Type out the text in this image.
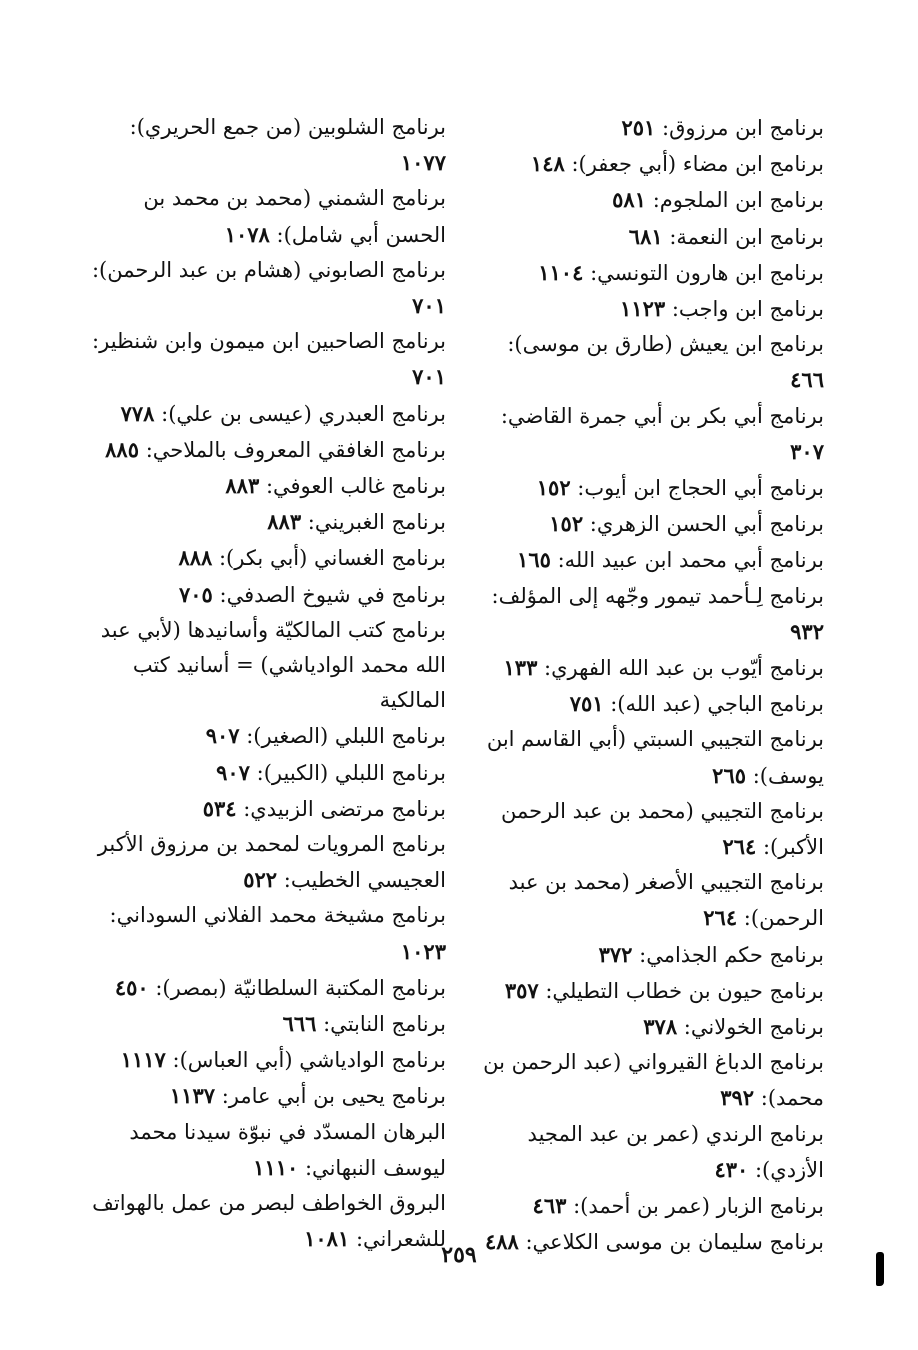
برنامج ابن مرزوق: ٢٥١
برنامج ابن مضاء (أبي جعفر): ١٤٨
برنامج ابن الملجوم: ٥٨١
برنامج ابن النعمة: ٦٨١
برنامج ابن هارون التونسي: ١١٠٤
برنامج ابن واجب: ١١٢٣
برنامج ابن يعيش (طارق بن موسى): ٤٦٦
برنامج أبي بكر بن أبي جمرة القاضي: ٣٠٧
برنامج أبي الحجاج ابن أيوب: ١٥٢
برنامج أبي الحسن الزهري: ١٥٢
برنامج أبي محمد ابن عبيد الله: ١٦٥
برنامج لِـأحمد تيمور وجّهه إلى المؤلف: ٩٣٢
برنامج أيّوب بن عبد الله الفهري: ١٣٣
برنامج الباجي (عبد الله): ٧٥١
برنامج التجيبي السبتي (أبي القاسم ابن يوسف): ٢٦٥
برنامج التجيبي (محمد بن عبد الرحمن الأكبر): ٢٦٤
برنامج التجيبي الأصغر (محمد بن عبد الرحمن): ٢٦٤
برنامج حكم الجذامي: ٣٧٢
برنامج حيون بن خطاب التطيلي: ٣٥٧
برنامج الخولاني: ٣٧٨
برنامج الدباغ القيرواني (عبد الرحمن بن محمد): ٣٩٢
برنامج الرندي (عمر بن عبد المجيد الأزدي): ٤٣٠
برنامج الزبار (عمر بن أحمد): ٤٦٣
برنامج سليمان بن موسى الكلاعي: ٤٨٨
برنامج الشلوبين (من جمع الحريري): ١٠٧٧
برنامج الشمني (محمد بن محمد بن الحسن أبي شامل): ١٠٧٨
برنامج الصابوني (هشام بن عبد الرحمن): ٧٠١
برنامج الصاحبين ابن ميمون وابن شنظير: ٧٠١
برنامج العبدري (عيسى بن علي): ٧٧٨
برنامج الغافقي المعروف بالملاحي: ٨٨٥
برنامج غالب العوفي: ٨٨٣
برنامج الغبريني: ٨٨٣
برنامج الغساني (أبي بكر): ٨٨٨
برنامج في شيوخ الصدفي: ٧٠٥
برنامج كتب المالكيّة وأسانيدها (لأبي عبد الله محمد الوادياشي) = أسانيد كتب المالكية
برنامج اللبلي (الصغير): ٩٠٧
برنامج اللبلي (الكبير): ٩٠٧
برنامج مرتضى الزبيدي: ٥٣٤
برنامج المرويات لمحمد بن مرزوق الأكبر العجيسي الخطيب: ٥٢٢
برنامج مشيخة محمد الفلاني السوداني: ١٠٢٣
برنامج المكتبة السلطانيّة (بمصر): ٤٥٠
برنامج النابتي: ٦٦٦
برنامج الوادياشي (أبي العباس): ١١١٧
برنامج يحيى بن أبي عامر: ١١٣٧
البرهان المسدّد في نبوّة سيدنا محمد ليوسف النبهاني: ١١١٠
البروق الخواطف لبصر من عمل بالهواتف للشعراني: ١٠٨١
٢٥٩
